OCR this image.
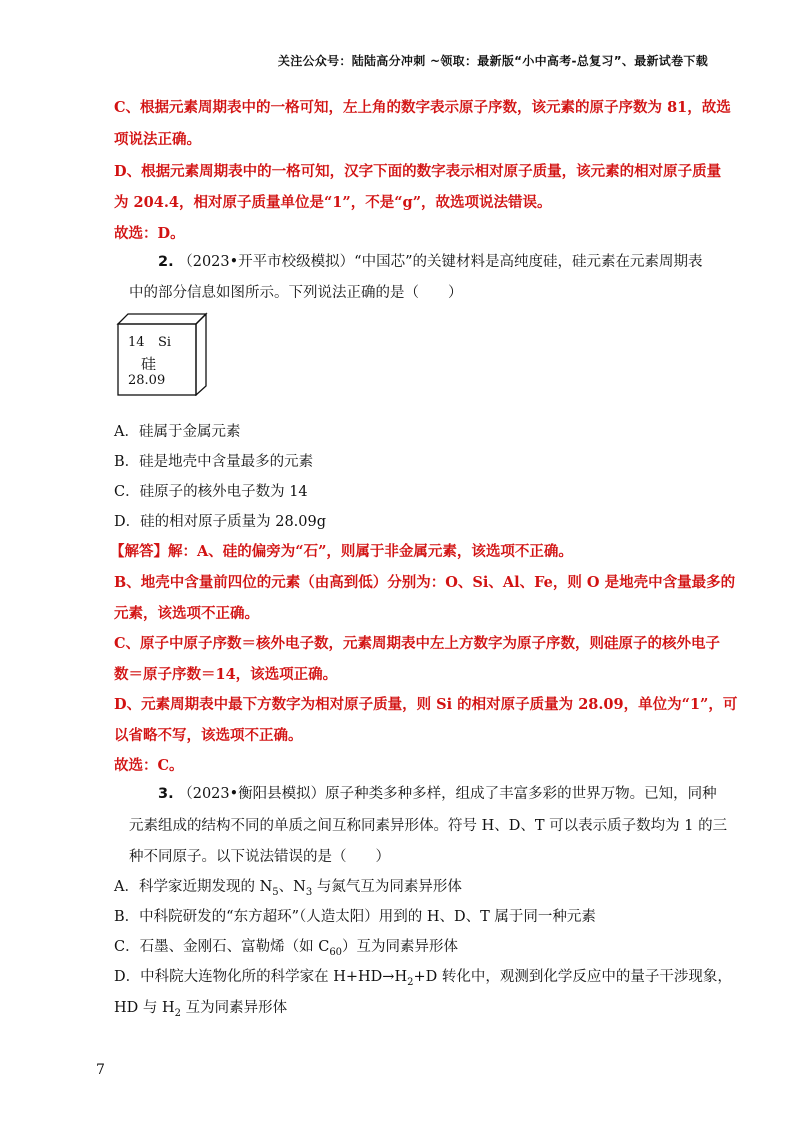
关注公众号：陆陆高分冲刺 ~领取：最新版“小中高考-总复习”、最新试卷下载
C、根据元素周期表中的一格可知，左上角的数字表示原子序数，该元素的原子序数为 81，故选
项说法正确。
D、根据元素周期表中的一格可知，汉字下面的数字表示相对原子质量，该元素的相对原子质量
为 204.4，相对原子质量单位是“1”，不是“g”，故选项说法错误。
故选：D。
2. （2023•开平市校级模拟）“中国芯”的关键材料是高纯度硅，硅元素在元素周期表
中的部分信息如图所示。下列说法正确的是（　　）
14 Si
硅
28.09
A．硅属于金属元素
B．硅是地壳中含量最多的元素
C．硅原子的核外电子数为 14
D．硅的相对原子质量为 28.09g
【解答】解：A、硅的偏旁为“石”，则属于非金属元素，该选项不正确。
B、地壳中含量前四位的元素（由高到低）分别为：O、Si、Al、Fe，则 O 是地壳中含量最多的
元素，该选项不正确。
C、原子中原子序数＝核外电子数，元素周期表中左上方数字为原子序数，则硅原子的核外电子
数＝原子序数＝14，该选项正确。
D、元素周期表中最下方数字为相对原子质量，则 Si 的相对原子质量为 28.09，单位为“1”，可
以省略不写，该选项不正确。
故选：C。
3. （2023•衡阳县模拟）原子种类多种多样，组成了丰富多彩的世界万物。已知，同种
元素组成的结构不同的单质之间互称同素异形体。符号 H、D、T 可以表示质子数均为 1 的三
种不同原子。以下说法错误的是（　　）
A．科学家近期发现的 $N_5$、$N_3$ 与氮气互为同素异形体
B．中科院研发的“东方超环”（人造太阳）用到的 H、D、T 属于同一种元素
C．石墨、金刚石、富勒烯（如 $C_{60}$）互为同素异形体
D．中科院大连物化所的科学家在 $H+HD\to H_2+D$ 转化中，观测到化学反应中的量子干涉现象，
HD 与 $H_2$ 互为同素异形体
7
